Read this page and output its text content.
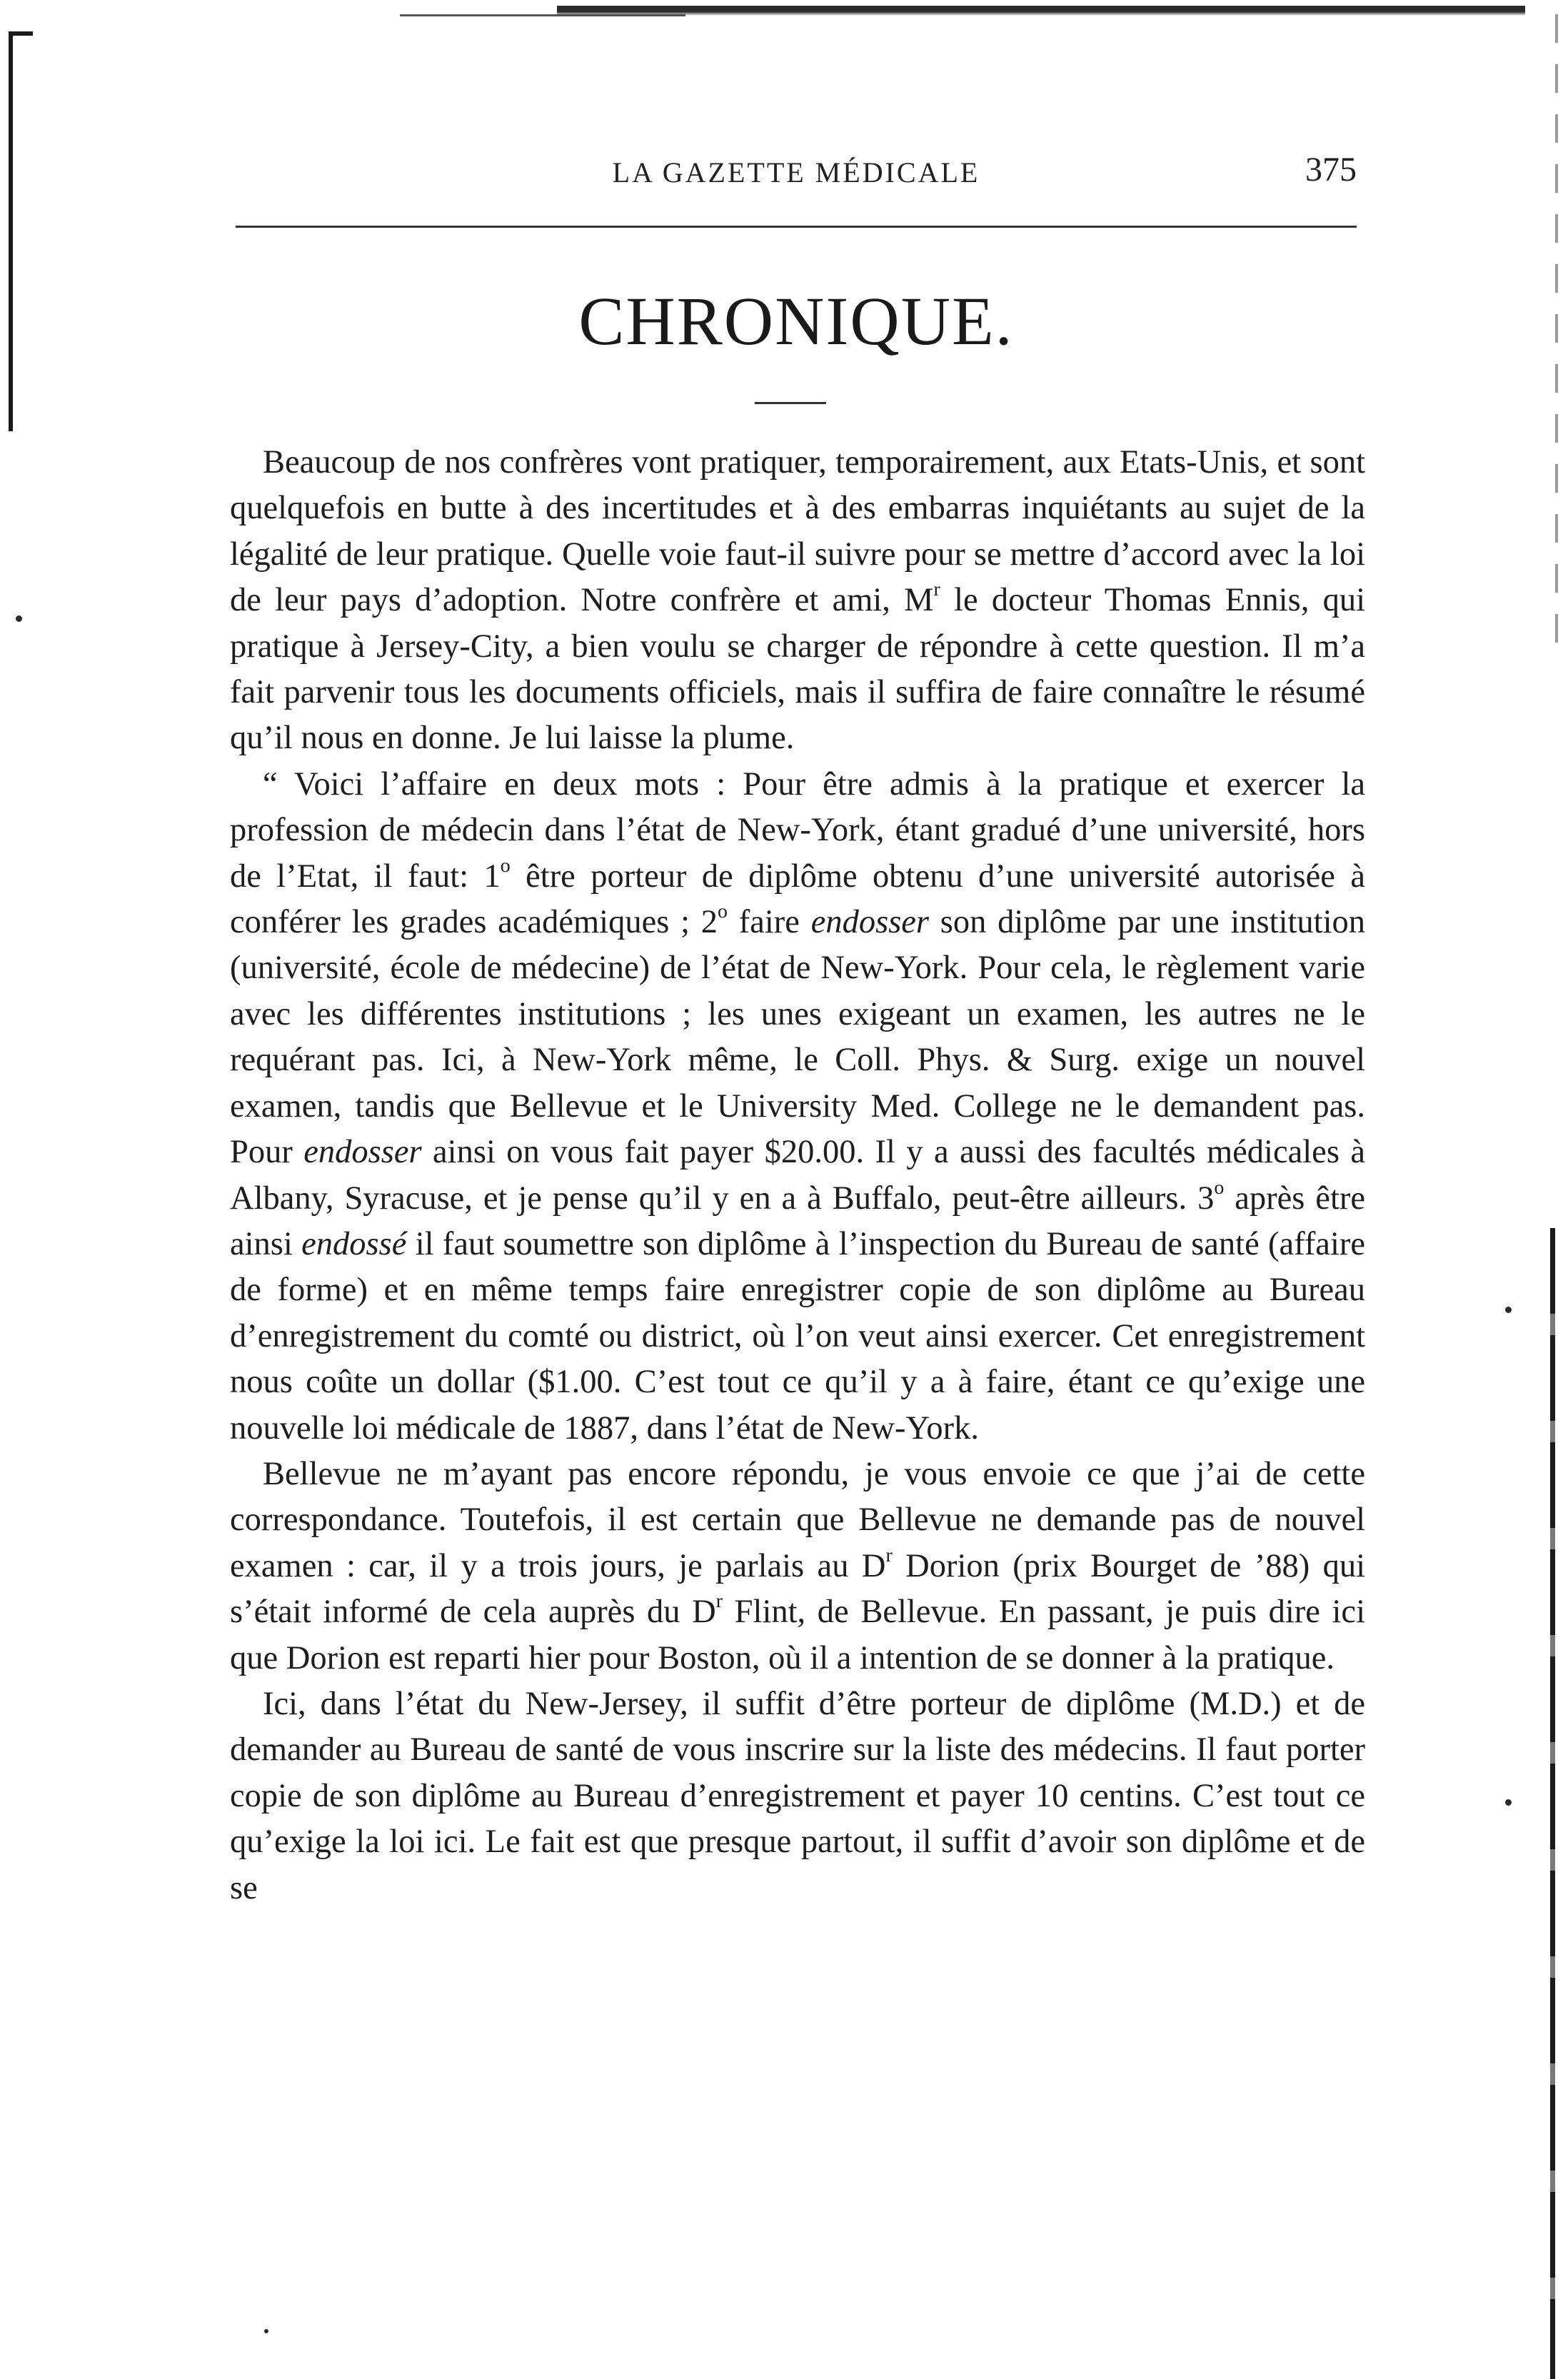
LA GAZETTE MÉDICALE	375
CHRONIQUE.

Beaucoup de nos confrères vont pratiquer, temporairement, aux Etats-Unis, et sont quelquefois en butte à des incertitudes et à des embarras inquiétants au sujet de la légalité de leur pratique. Quelle voie faut-il suivre pour se mettre d’accord avec la loi de leur pays d’adoption. Notre confrère et ami, $M^r$ le docteur Thomas Ennis, qui pratique à Jersey-City, a bien voulu se charger de répondre à cette question. Il m’a fait parvenir tous les documents officiels, mais il suffira de faire connaître le résumé qu’il nous en donne. Je lui laisse la plume.

“ Voici l’affaire en deux mots : Pour être admis à la pratique et exercer la profession de médecin dans l’état de New-York, étant gradué d’une université, hors de l’Etat, il faut: 1$^o$ être porteur de diplôme obtenu d’une université autorisée à conférer les grades académiques ; 2$^o$ faire endosser son diplôme par une institution (université, école de médecine) de l’état de New-York. Pour cela, le règlement varie avec les différentes institutions ; les unes exigeant un examen, les autres ne le requérant pas. Ici, à New-York même, le Coll. Phys. & Surg. exige un nouvel examen, tandis que Bellevue et le University Med. College ne le demandent pas. Pour endosser ainsi on vous fait payer $20.00. Il y a aussi des facultés médicales à Albany, Syracuse, et je pense qu’il y en a à Buffalo, peut-être ailleurs. 3$^o$ après être ainsi endossé il faut soumettre son diplôme à l’inspection du Bureau de santé (affaire de forme) et en même temps faire enregistrer copie de son diplôme au Bureau d’enregistrement du comté ou district, où l’on veut ainsi exercer. Cet enregistrement nous coûte un dollar ($1.00. C’est tout ce qu’il y a à faire, étant ce qu’exige une nouvelle loi médicale de 1887, dans l’état de New-York.

Bellevue ne m’ayant pas encore répondu, je vous envoie ce que j’ai de cette correspondance. Toutefois, il est certain que Bellevue ne demande pas de nouvel examen : car, il y a trois jours, je parlais au $D^r$ Dorion (prix Bourget de ’88) qui s’était informé de cela auprès du $D^r$ Flint, de Bellevue. En passant, je puis dire ici que Dorion est reparti hier pour Boston, où il a intention de se donner à la pratique.

Ici, dans l’état du New-Jersey, il suffit d’être porteur de diplôme (M.D.) et de demander au Bureau de santé de vous inscrire sur la liste des médecins. Il faut porter copie de son diplôme au Bureau d’enregistrement et payer 10 centins. C’est tout ce qu’exige la loi ici. Le fait est que presque partout, il suffit d’avoir son diplôme et de se
